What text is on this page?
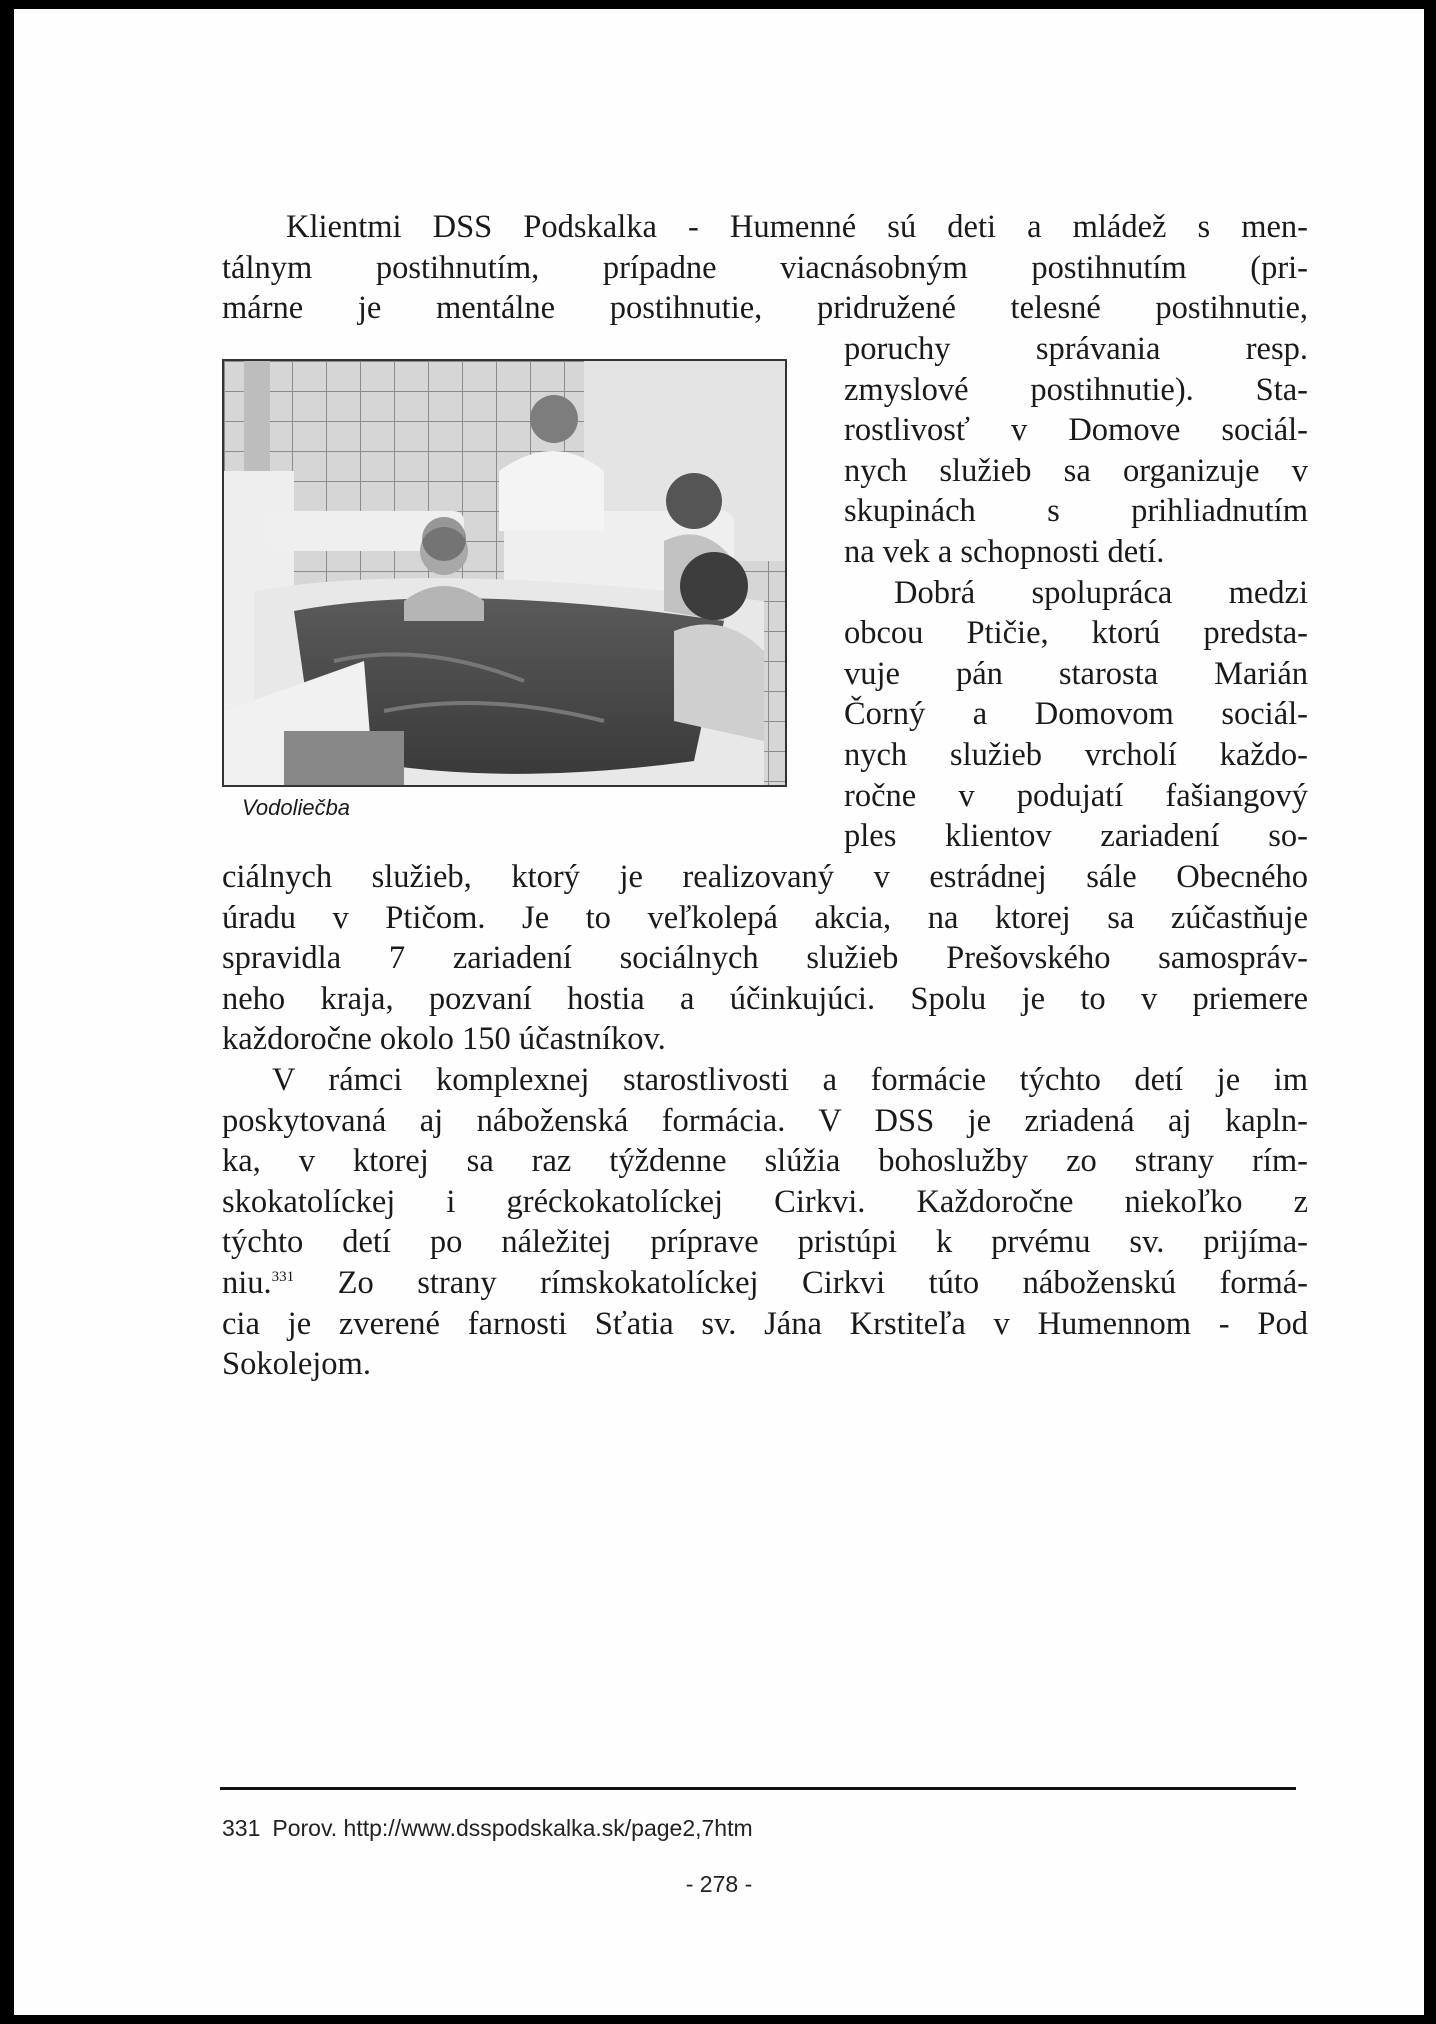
Klientmi DSS Podskalka - Humenné sú deti a mládež s men-
tálnym postihnutím, prípadne viacnásobným postihnutím (pri-
márne je mentálne postihnutie, pridružené telesné postihnutie,
poruchy správania resp.
zmyslové postihnutie). Sta-
rostlivosť v Domove sociál-
nych služieb sa organizuje v
skupinách s prihliadnutím
na vek a schopnosti detí.
Dobrá spolupráca medzi
obcou Ptičie, ktorú predsta-
vuje pán starosta Marián
Čorný a Domovom sociál-
nych služieb vrcholí každo-
ročne v podujatí fašiangový
ples klientov zariadení so-
ciálnych služieb, ktorý je realizovaný v estrádnej sále Obecného
úradu v Ptičom. Je to veľkolepá akcia, na ktorej sa zúčastňuje
spravidla 7 zariadení sociálnych služieb Prešovského samospráv-
neho kraja, pozvaní hostia a účinkujúci. Spolu je to v priemere
každoročne okolo 150 účastníkov.
V rámci komplexnej starostlivosti a formácie týchto detí je im
poskytovaná aj náboženská formácia. V DSS je zriadená aj kapln-
ka, v ktorej sa raz týždenne slúžia bohoslužby zo strany rím-
skokatolíckej i gréckokatolíckej Cirkvi. Každoročne niekoľko z
týchto detí po náležitej príprave pristúpi k prvému sv. prijíma-
niu.$^{331}$ Zo strany rímskokatolíckej Cirkvi túto náboženskú formá-
cia je zverené farnosti Sťatia sv. Jána Krstiteľa v Humennom - Pod
Sokolejom.
Vodoliečba
331 Porov. http://www.dsspodskalka.sk/page2,7htm
- 278 -
